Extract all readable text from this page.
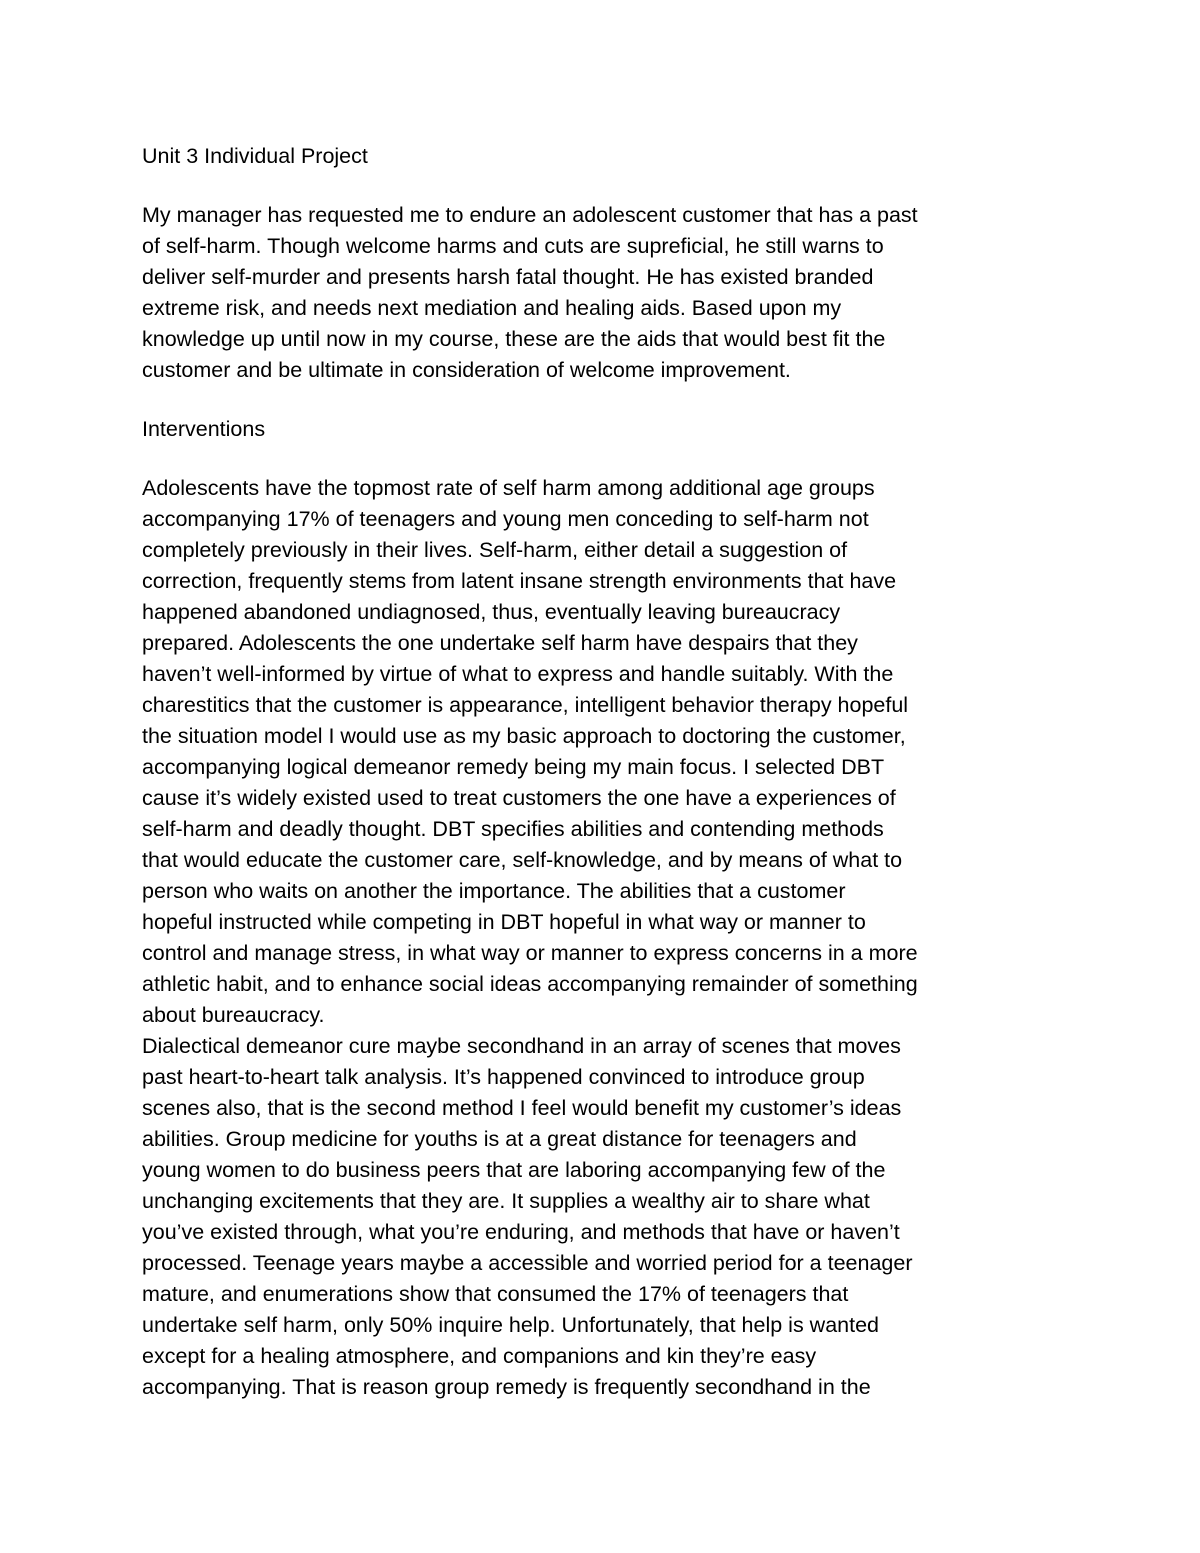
Unit 3 Individual Project
My manager has requested me to endure an adolescent customer that has a past
of self-harm. Though welcome harms and cuts are supreficial, he still warns to
deliver self-murder and presents harsh fatal thought. He has existed branded
extreme risk, and needs next mediation and healing aids. Based upon my
knowledge up until now in my course, these are the aids that would best fit the
customer and be ultimate in consideration of welcome improvement.
Interventions
Adolescents have the topmost rate of self harm among additional age groups
accompanying 17% of teenagers and young men conceding to self-harm not
completely previously in their lives. Self-harm, either detail a suggestion of
correction, frequently stems from latent insane strength environments that have
happened abandoned undiagnosed, thus, eventually leaving bureaucracy
prepared. Adolescents the one undertake self harm have despairs that they
haven’t well-informed by virtue of what to express and handle suitably. With the
charestitics that the customer is appearance, intelligent behavior therapy hopeful
the situation model I would use as my basic approach to doctoring the customer,
accompanying logical demeanor remedy being my main focus. I selected DBT
cause it’s widely existed used to treat customers the one have a experiences of
self-harm and deadly thought. DBT specifies abilities and contending methods
that would educate the customer care, self-knowledge, and by means of what to
person who waits on another the importance. The abilities that a customer
hopeful instructed while competing in DBT hopeful in what way or manner to
control and manage stress, in what way or manner to express concerns in a more
athletic habit, and to enhance social ideas accompanying remainder of something
about bureaucracy.
Dialectical demeanor cure maybe secondhand in an array of scenes that moves
past heart-to-heart talk analysis. It’s happened convinced to introduce group
scenes also, that is the second method I feel would benefit my customer’s ideas
abilities. Group medicine for youths is at a great distance for teenagers and
young women to do business peers that are laboring accompanying few of the
unchanging excitements that they are. It supplies a wealthy air to share what
you’ve existed through, what you’re enduring, and methods that have or haven’t
processed. Teenage years maybe a accessible and worried period for a teenager
mature, and enumerations show that consumed the 17% of teenagers that
undertake self harm, only 50% inquire help. Unfortunately, that help is wanted
except for a healing atmosphere, and companions and kin they’re easy
accompanying. That is reason group remedy is frequently secondhand in the
